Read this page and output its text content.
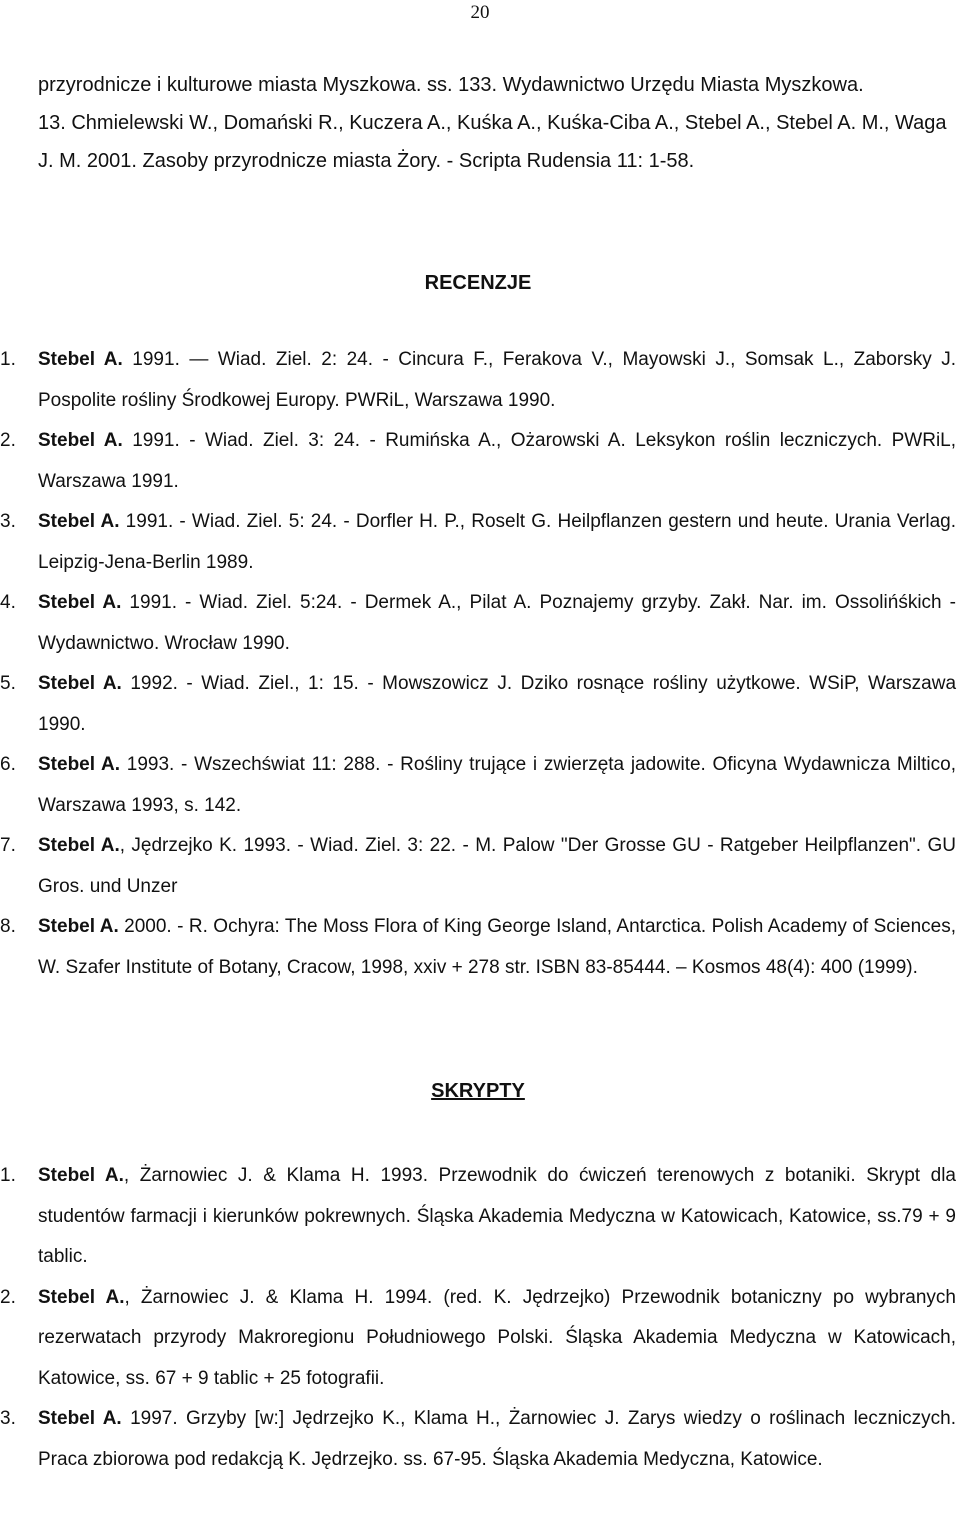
20

przyrodnicze i kulturowe miasta Myszkowa. ss. 133. Wydawnictwo Urzędu Miasta Myszkowa.

13. Chmielewski W., Domański R., Kuczera A., Kuśka A., Kuśka-Ciba A., Stebel A., Stebel A. M., Waga J. M. 2001. Zasoby przyrodnicze miasta Żory. - Scripta Rudensia 11: 1-58.

RECENZJE
1. Stebel A. 1991. — Wiad. Ziel. 2: 24. - Cincura F., Ferakova V., Mayowski J., Somsak L., Zaborsky J. Pospolite rośliny Środkowej Europy. PWRiL, Warszawa 1990.
2. Stebel A. 1991. - Wiad. Ziel. 3: 24. - Rumińska A., Ożarowski A. Leksykon roślin leczniczych. PWRiL, Warszawa 1991.
3. Stebel A. 1991. - Wiad. Ziel. 5: 24. - Dorfler H. P., Roselt G. Heilpflanzen gestern und heute. Urania Verlag. Leipzig-Jena-Berlin 1989.
4. Stebel A. 1991. - Wiad. Ziel. 5:24. - Dermek A., Pilat A. Poznajemy grzyby. Zakł. Nar. im. Ossolińśkich - Wydawnictwo. Wrocław 1990.
5. Stebel A. 1992. - Wiad. Ziel., 1: 15. - Mowszowicz J. Dziko rosnące rośliny użytkowe. WSiP, Warszawa 1990.
6. Stebel A. 1993. - Wszechświat 11: 288. - Rośliny trujące i zwierzęta jadowite. Oficyna Wydawnicza Miltico, Warszawa 1993, s. 142.
7. Stebel A., Jędrzejko K. 1993. - Wiad. Ziel. 3: 22. - M. Palow "Der Grosse GU - Ratgeber Heilpflanzen". GU Gros. und Unzer
8. Stebel A. 2000. - R. Ochyra: The Moss Flora of King George Island, Antarctica. Polish Academy of Sciences, W. Szafer Institute of Botany, Cracow, 1998, xxiv + 278 str. ISBN 83-85444. – Kosmos 48(4): 400 (1999).
SKRYPTY
1. Stebel A., Żarnowiec J. & Klama H. 1993. Przewodnik do ćwiczeń terenowych z botaniki. Skrypt dla studentów farmacji i kierunków pokrewnych. Śląska Akademia Medyczna w Katowicach, Katowice, ss.79 + 9 tablic.
2. Stebel A., Żarnowiec J. & Klama H. 1994. (red. K. Jędrzejko) Przewodnik botaniczny po wybranych rezerwatach przyrody Makroregionu Południowego Polski. Śląska Akademia Medyczna w Katowicach, Katowice, ss. 67 + 9 tablic + 25 fotografii.
3. Stebel A. 1997. Grzyby [w:] Jędrzejko K., Klama H., Żarnowiec J. Zarys wiedzy o roślinach leczniczych. Praca zbiorowa pod redakcją K. Jędrzejko. ss. 67-95. Śląska Akademia Medyczna, Katowice.
